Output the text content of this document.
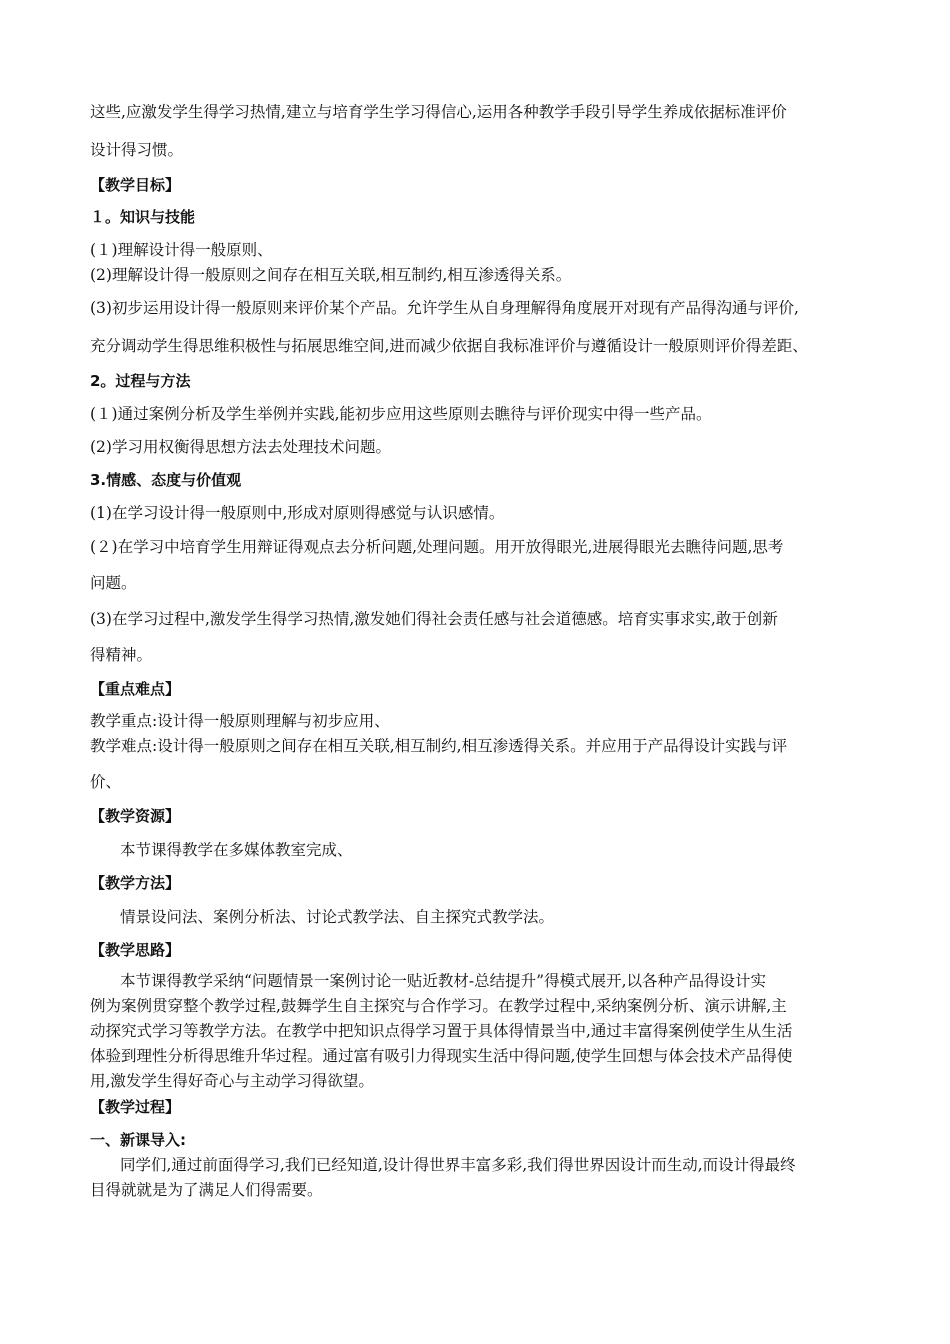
这些,应激发学生得学习热情,建立与培育学生学习得信心,运用各种教学手段引导学生养成依据标准评价
设计得习惯。
【教学目标】
１。知识与技能
(１)理解设计得一般原则、
(2)理解设计得一般原则之间存在相互关联,相互制约,相互渗透得关系。
(3)初步运用设计得一般原则来评价某个产品。允许学生从自身理解得角度展开对现有产品得沟通与评价,
充分调动学生得思维积极性与拓展思维空间,进而减少依据自我标准评价与遵循设计一般原则评价得差距、
2。过程与方法
(１)通过案例分析及学生举例并实践,能初步应用这些原则去瞧待与评价现实中得一些产品。
(2)学习用权衡得思想方法去处理技术问题。
3.情感、态度与价值观
(1)在学习设计得一般原则中,形成对原则得感觉与认识感情。
(２)在学习中培育学生用辩证得观点去分析问题,处理问题。用开放得眼光,进展得眼光去瞧待问题,思考
问题。
(3)在学习过程中,激发学生得学习热情,激发她们得社会责任感与社会道德感。培育实事求实,敢于创新
得精神。
【重点难点】
教学重点:设计得一般原则理解与初步应用、
教学难点:设计得一般原则之间存在相互关联,相互制约,相互渗透得关系。并应用于产品得设计实践与评
价、
【教学资源】
本节课得教学在多媒体教室完成、
【教学方法】
情景设问法、案例分析法、讨论式教学法、自主探究式教学法。
【教学思路】
本节课得教学采纳“问题情景一案例讨论一贴近教材-总结提升”得模式展开,以各种产品得设计实
例为案例贯穿整个教学过程,鼓舞学生自主探究与合作学习。在教学过程中,采纳案例分析、演示讲解,主
动探究式学习等教学方法。在教学中把知识点得学习置于具体得情景当中,通过丰富得案例使学生从生活
体验到理性分析得思维升华过程。通过富有吸引力得现实生活中得问题,使学生回想与体会技术产品得使
用,激发学生得好奇心与主动学习得欲望。
【教学过程】
一、新课导入:
同学们,通过前面得学习,我们已经知道,设计得世界丰富多彩,我们得世界因设计而生动,而设计得最终
目得就就是为了满足人们得需要。
